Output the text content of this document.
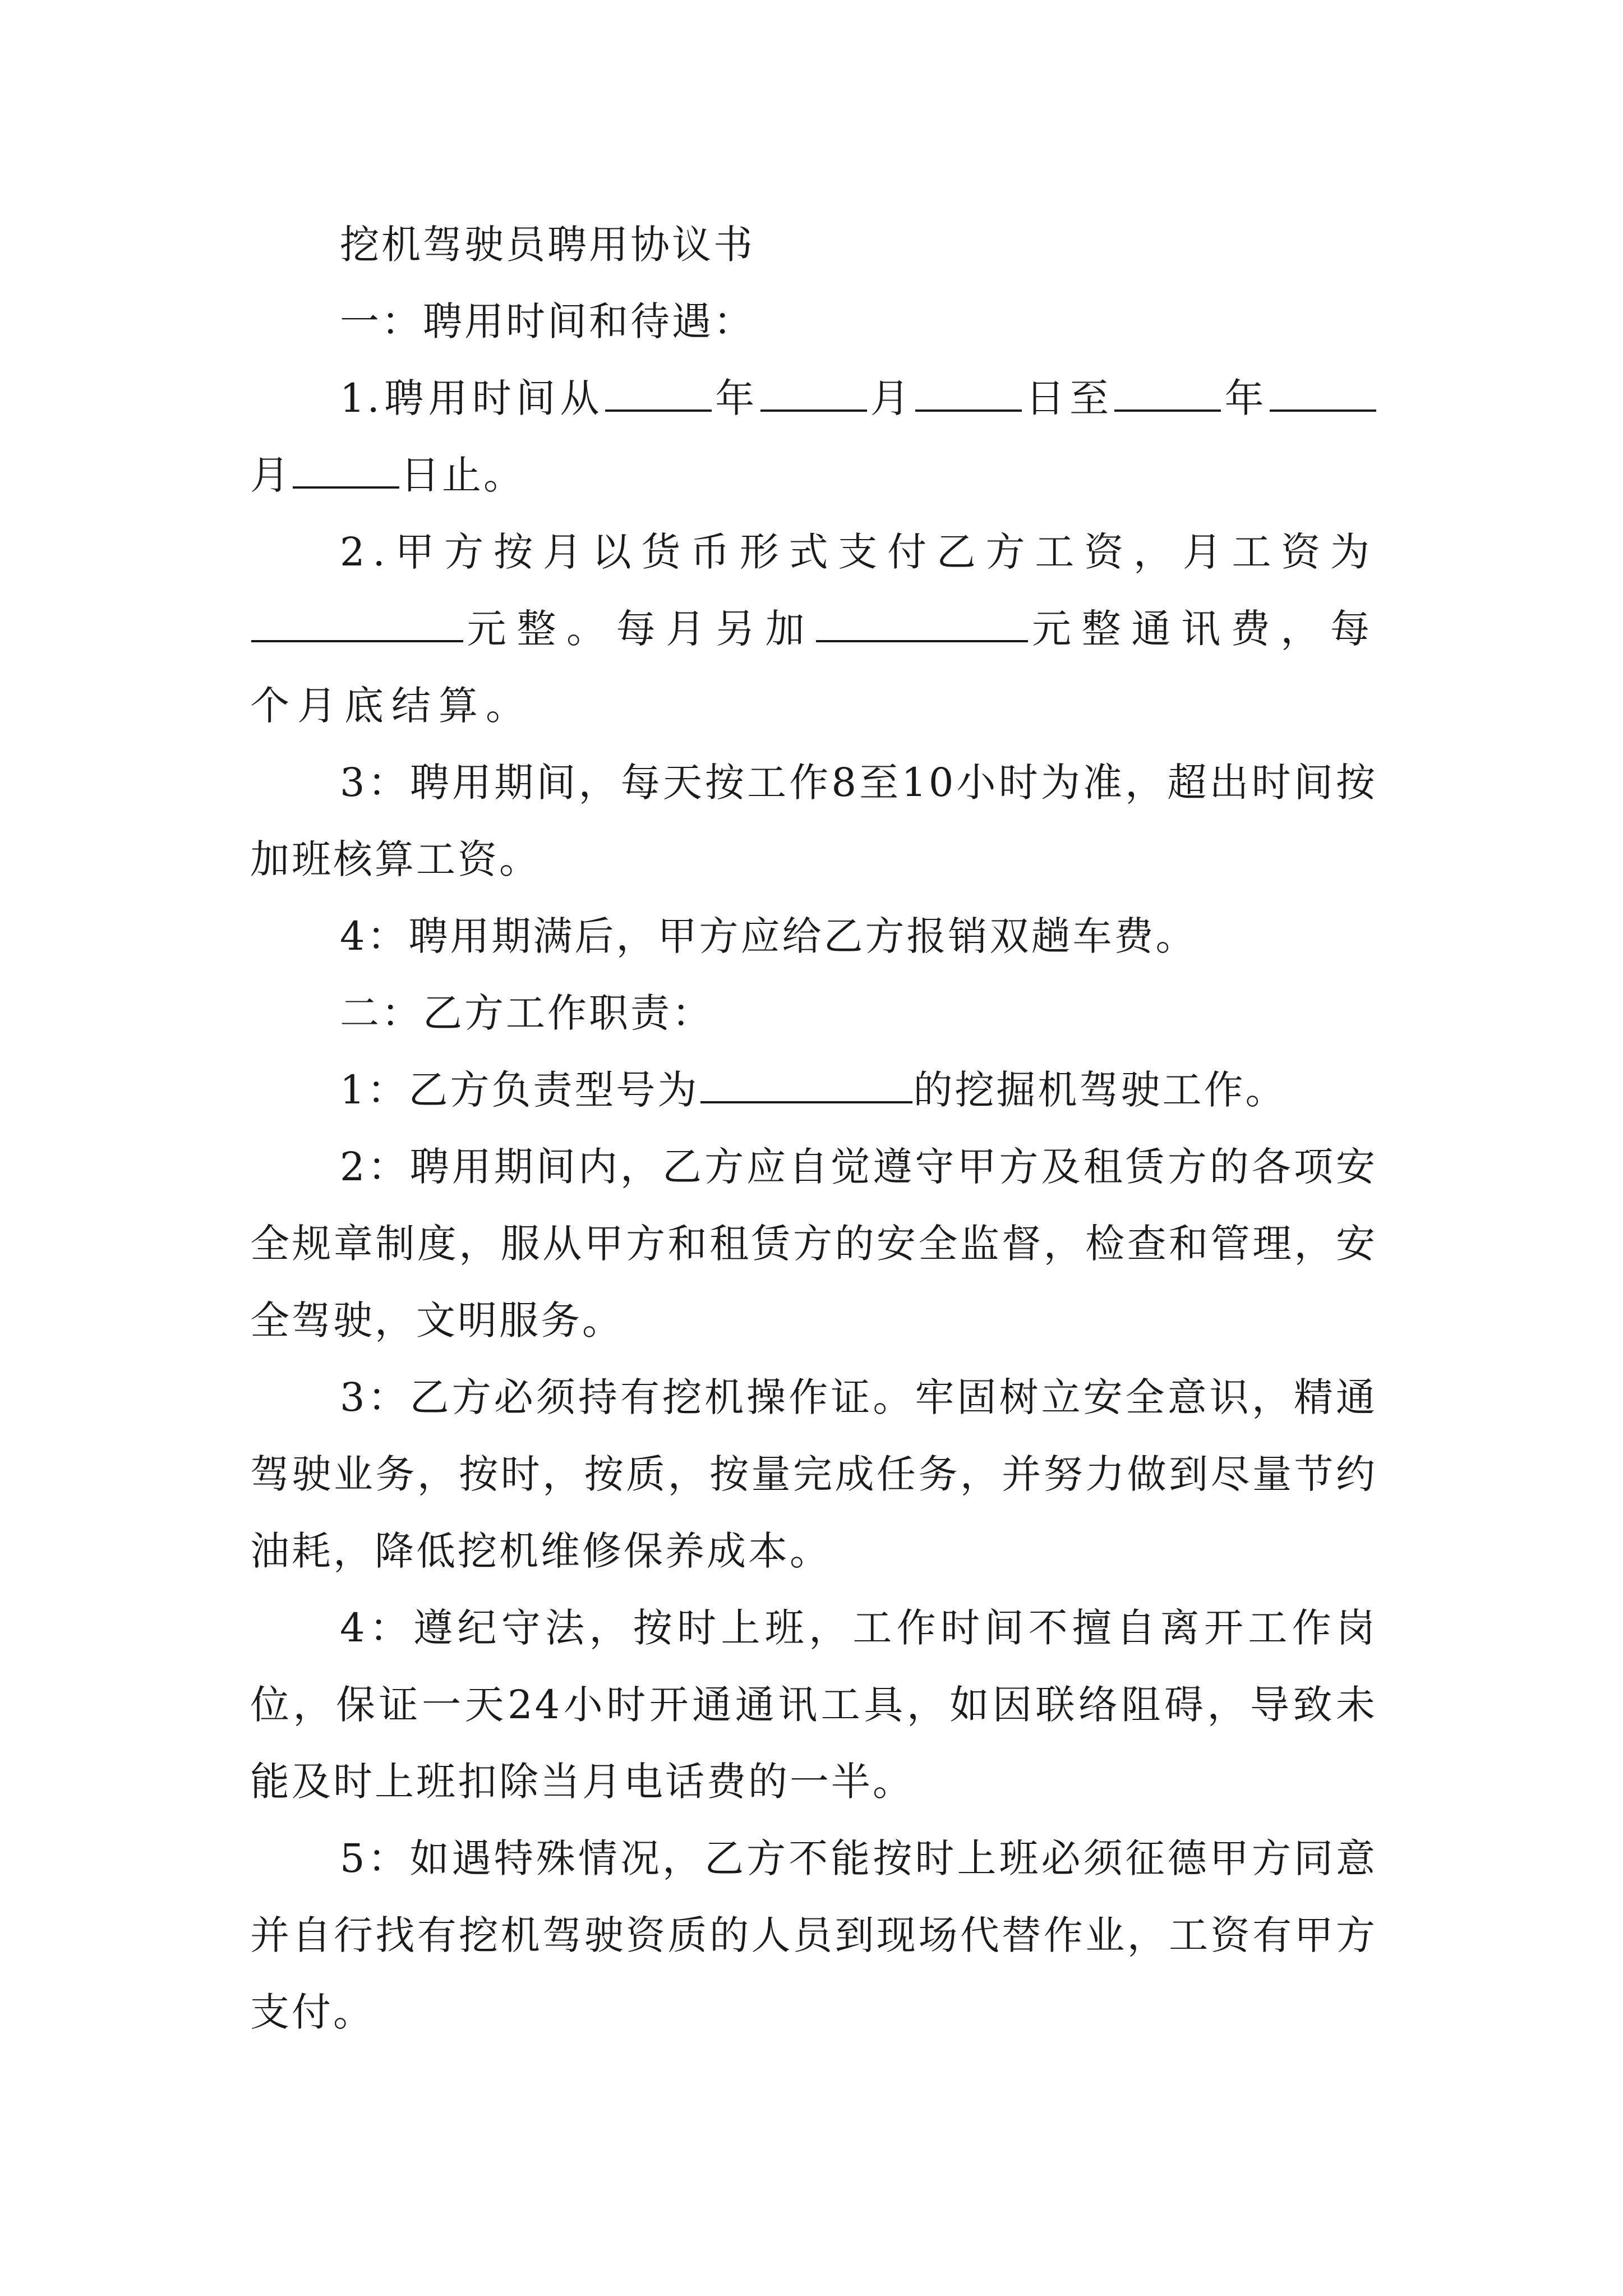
挖机驾驶员聘用协议书

一：聘用时间和待遇：

1.聘用时间从	年	月	日至	年月	日止。

2.甲方按月以货币形式支付乙方工资，月工资为元整。每月另加	元整通讯费，每个月底结算。

3：聘用期间，每天按工作8至10小时为准，超出时间按加班核算工资。

4：聘用期满后，甲方应给乙方报销双趟车费。

二：乙方工作职责：

1：乙方负责型号为	的挖掘机驾驶工作。

2：聘用期间内，乙方应自觉遵守甲方及租赁方的各项安全规章制度，服从甲方和租赁方的安全监督，检查和管理，安全驾驶，文明服务。

3：乙方必须持有挖机操作证。牢固树立安全意识，精通驾驶业务，按时，按质，按量完成任务，并努力做到尽量节约油耗，降低挖机维修保养成本。

4：遵纪守法，按时上班，工作时间不擅自离开工作岗位，保证一天24小时开通通讯工具，如因联络阻碍，导致未能及时上班扣除当月电话费的一半。

5：如遇特殊情况，乙方不能按时上班必须征德甲方同意并自行找有挖机驾驶资质的人员到现场代替作业，工资有甲方支付。
